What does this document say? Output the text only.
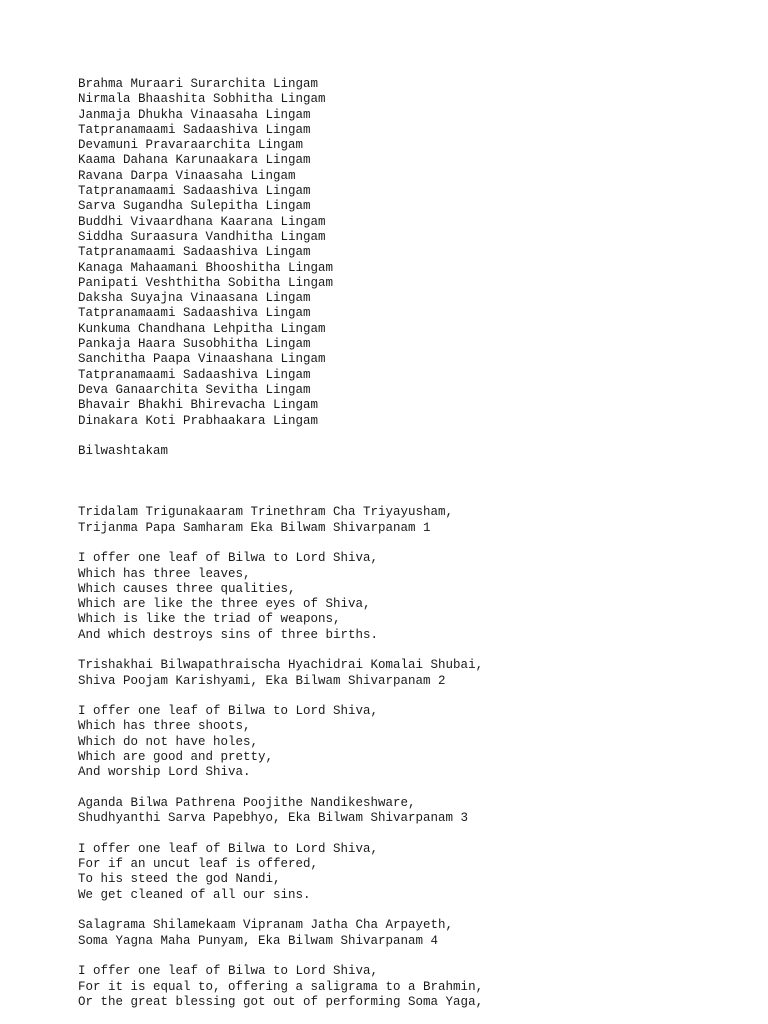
Brahma Muraari Surarchita Lingam
Nirmala Bhaashita Sobhitha Lingam
Janmaja Dhukha Vinaasaha Lingam
Tatpranamaami Sadaashiva Lingam
Devamuni Pravaraarchita Lingam
Kaama Dahana Karunaakara Lingam
Ravana Darpa Vinaasaha Lingam
Tatpranamaami Sadaashiva Lingam
Sarva Sugandha Sulepitha Lingam
Buddhi Vivaardhana Kaarana Lingam
Siddha Suraasura Vandhitha Lingam
Tatpranamaami Sadaashiva Lingam
Kanaga Mahaamani Bhooshitha Lingam
Panipati Veshthitha Sobitha Lingam
Daksha Suyajna Vinaasana Lingam
Tatpranamaami Sadaashiva Lingam
Kunkuma Chandhana Lehpitha Lingam
Pankaja Haara Susobhitha Lingam
Sanchitha Paapa Vinaashana Lingam
Tatpranamaami Sadaashiva Lingam
Deva Ganaarchita Sevitha Lingam
Bhavair Bhakhi Bhirevacha Lingam
Dinakara Koti Prabhaakara Lingam
Bilwashtakam
Tridalam Trigunakaaram Trinethram Cha Triyayusham,
Trijanma Papa Samharam Eka Bilwam Shivarpanam 1
I offer one leaf of Bilwa to Lord Shiva,
Which has three leaves,
Which causes three qualities,
Which are like the three eyes of Shiva,
Which is like the triad of weapons,
And which destroys sins of three births.
Trishakhai Bilwapathraischa Hyachidrai Komalai Shubai,
Shiva Poojam Karishyami, Eka Bilwam Shivarpanam 2
I offer one leaf of Bilwa to Lord Shiva,
Which has three shoots,
Which do not have holes,
Which are good and pretty,
And worship Lord Shiva.
Aganda Bilwa Pathrena Poojithe Nandikeshware,
Shudhyanthi Sarva Papebhyo, Eka Bilwam Shivarpanam 3
I offer one leaf of Bilwa to Lord Shiva,
For if an uncut leaf is offered,
To his steed the god Nandi,
We get cleaned of all our sins.
Salagrama Shilamekaam Vipranam Jatha Cha Arpayeth,
Soma Yagna Maha Punyam, Eka Bilwam Shivarpanam 4
I offer one leaf of Bilwa to Lord Shiva,
For it is equal to, offering a saligrama to a Brahmin,
Or the great blessing got out of performing Soma Yaga,
